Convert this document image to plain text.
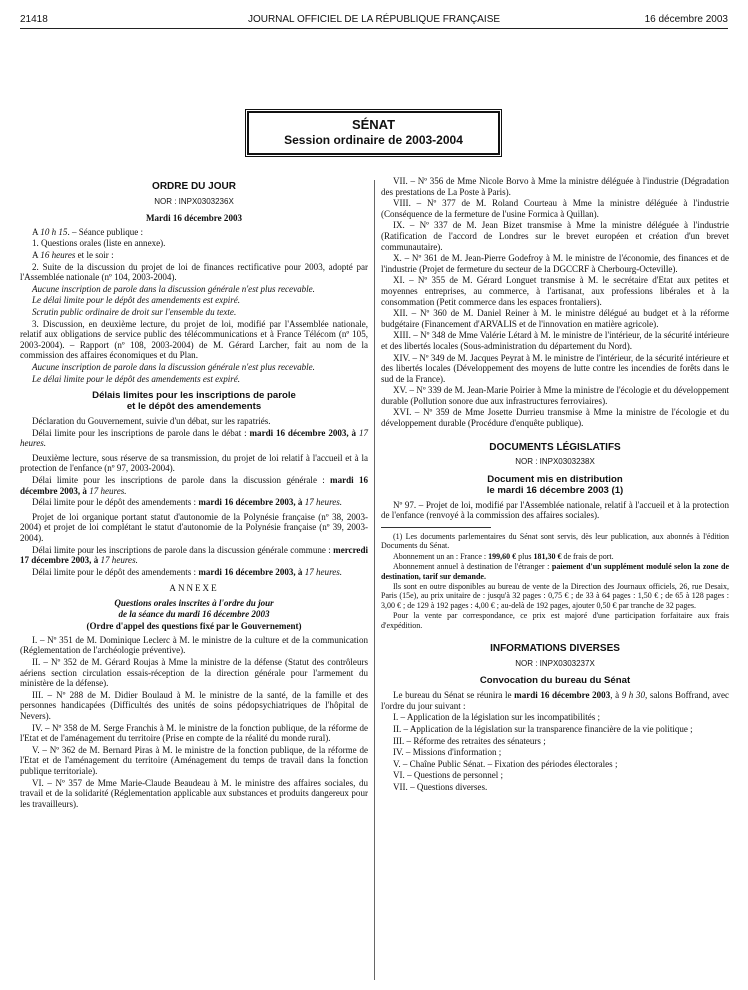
21418	JOURNAL OFFICIEL DE LA RÉPUBLIQUE FRANÇAISE	16 décembre 2003
SÉNAT
Session ordinaire de 2003-2004
ORDRE DU JOUR
NOR : INPX0303236X
Mardi 16 décembre 2003

A 10 h 15. – Séance publique :

1. Questions orales (liste en annexe).

A 16 heures et le soir :

2. Suite de la discussion du projet de loi de finances rectificative pour 2003, adopté par l'Assemblée nationale (nº 104, 2003-2004).

Aucune inscription de parole dans la discussion générale n'est plus recevable.

Le délai limite pour le dépôt des amendements est expiré.

Scrutin public ordinaire de droit sur l'ensemble du texte.

3. Discussion, en deuxième lecture, du projet de loi, modifié par l'Assemblée nationale, relatif aux obligations de service public des télécommunications et à France Télécom (nº 105, 2003-2004). – Rapport (nº 108, 2003-2004) de M. Gérard Larcher, fait au nom de la commission des affaires économiques et du Plan.

Aucune inscription de parole dans la discussion générale n'est plus recevable.

Le délai limite pour le dépôt des amendements est expiré.

Délais limites pour les inscriptions de parole
et le dépôt des amendements

Déclaration du Gouvernement, suivie d'un débat, sur les rapatriés.

Délai limite pour les inscriptions de parole dans le débat : mardi 16 décembre 2003, à 17 heures.

Deuxième lecture, sous réserve de sa transmission, du projet de loi relatif à l'accueil et à la protection de l'enfance (nº 97, 2003-2004).

Délai limite pour les inscriptions de parole dans la discussion générale : mardi 16 décembre 2003, à 17 heures.

Délai limite pour le dépôt des amendements : mardi 16 décembre 2003, à 17 heures.

Projet de loi organique portant statut d'autonomie de la Polynésie française (nº 38, 2003-2004) et projet de loi complétant le statut d'autonomie de la Polynésie française (nº 39, 2003-2004).

Délai limite pour les inscriptions de parole dans la discussion générale commune : mercredi 17 décembre 2003, à 17 heures.

Délai limite pour le dépôt des amendements : mardi 16 décembre 2003, à 17 heures.

ANNEXE
Questions orales inscrites à l'ordre du jour
de la séance du mardi 16 décembre 2003
(Ordre d'appel des questions fixé par le Gouvernement)

I. – Nº 351 de M. Dominique Leclerc à M. le ministre de la culture et de la communication (Réglementation de l'archéologie préventive).

II. – Nº 352 de M. Gérard Roujas à Mme la ministre de la défense (Statut des contrôleurs aériens section circulation essais-réception de la direction générale pour l'armement du ministère de la défense).

III. – Nº 288 de M. Didier Boulaud à M. le ministre de la santé, de la famille et des personnes handicapées (Difficultés des unités de soins pédopsychiatriques de l'hôpital de Nevers).

IV. – Nº 358 de M. Serge Franchis à M. le ministre de la fonction publique, de la réforme de l'Etat et de l'aménagement du territoire (Prise en compte de la réalité du monde rural).

V. – Nº 362 de M. Bernard Piras à M. le ministre de la fonction publique, de la réforme de l'Etat et de l'aménagement du territoire (Aménagement du temps de travail dans la fonction publique territoriale).

VI. – Nº 357 de Mme Marie-Claude Beaudeau à M. le ministre des affaires sociales, du travail et de la solidarité (Réglementation applicable aux substances et produits dangereux pour les travailleurs).

VII. – Nº 356 de Mme Nicole Borvo à Mme la ministre déléguée à l'industrie (Dégradation des prestations de La Poste à Paris).

VIII. – Nº 377 de M. Roland Courteau à Mme la ministre déléguée à l'industrie (Conséquence de la fermeture de l'usine Formica à Quillan).

IX. – Nº 337 de M. Jean Bizet transmise à Mme la ministre déléguée à l'industrie (Ratification de l'accord de Londres sur le brevet européen et création d'un brevet communautaire).

X. – Nº 361 de M. Jean-Pierre Godefroy à M. le ministre de l'économie, des finances et de l'industrie (Projet de fermeture du secteur de la DGCCRF à Cherbourg-Octeville).

XI. – Nº 355 de M. Gérard Longuet transmise à M. le secrétaire d'Etat aux petites et moyennes entreprises, au commerce, à l'artisanat, aux professions libérales et à la consommation (Petit commerce dans les espaces frontaliers).

XII. – Nº 360 de M. Daniel Reiner à M. le ministre délégué au budget et à la réforme budgétaire (Financement d'ARVALIS et de l'innovation en matière agricole).

XIII. – Nº 348 de Mme Valérie Létard à M. le ministre de l'intérieur, de la sécurité intérieure et des libertés locales (Sous-administration du département du Nord).

XIV. – Nº 349 de M. Jacques Peyrat à M. le ministre de l'intérieur, de la sécurité intérieure et des libertés locales (Développement des moyens de lutte contre les incendies de forêts dans le sud de la France).

XV. – Nº 339 de M. Jean-Marie Poirier à Mme la ministre de l'écologie et du développement durable (Pollution sonore due aux infrastructures ferroviaires).

XVI. – Nº 359 de Mme Josette Durrieu transmise à Mme la ministre de l'écologie et du développement durable (Procédure d'enquête publique).

DOCUMENTS LÉGISLATIFS
NOR : INPX0303238X
Document mis en distribution
le mardi 16 décembre 2003 (1)

Nº 97. – Projet de loi, modifié par l'Assemblée nationale, relatif à l'accueil et à la protection de l'enfance (renvoyé à la commission des affaires sociales).

(1) Les documents parlementaires du Sénat sont servis, dès leur publication, aux abonnés à l'édition Documents du Sénat.

Abonnement un an : France : 199,60 € plus 181,30 € de frais de port.

Abonnement annuel à destination de l'étranger : paiement d'un supplément modulé selon la zone de destination, tarif sur demande.

Ils sont en outre disponibles au bureau de vente de la Direction des Journaux officiels, 26, rue Desaix, Paris (15e), au prix unitaire de : jusqu'à 32 pages : 0,75 € ; de 33 à 64 pages : 1,50 € ; de 65 à 128 pages : 3,00 € ; de 129 à 192 pages : 4,00 € ; au-delà de 192 pages, ajouter 0,50 € par tranche de 32 pages.

Pour la vente par correspondance, ce prix est majoré d'une participation forfaitaire aux frais d'expédition.

INFORMATIONS DIVERSES
NOR : INPX0303237X
Convocation du bureau du Sénat

Le bureau du Sénat se réunira le mardi 16 décembre 2003, à 9 h 30, salons Boffrand, avec l'ordre du jour suivant :

I. – Application de la législation sur les incompatibilités ;
II. – Application de la législation sur la transparence financière de la vie politique ;
III. – Réforme des retraites des sénateurs ;
IV. – Missions d'information ;
V. – Chaîne Public Sénat. – Fixation des périodes électorales ;
VI. – Questions de personnel ;
VII. – Questions diverses.
